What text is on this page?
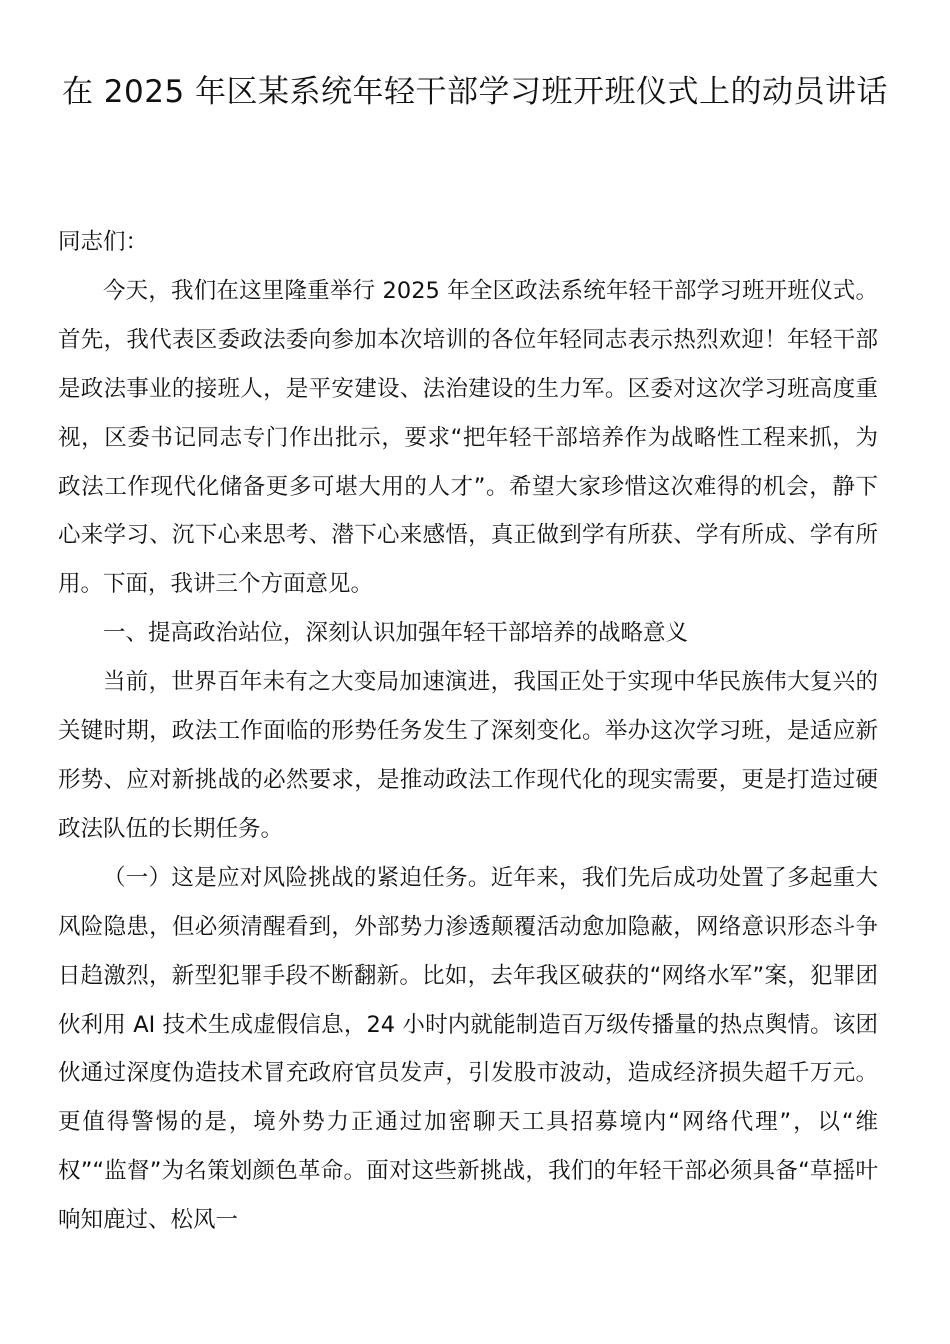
在 2025 年区某系统年轻干部学习班开班仪式上的动员讲话

同志们：

今天，我们在这里隆重举行 2025 年全区政法系统年轻干部学习班开班仪式。首先，我代表区委政法委向参加本次培训的各位年轻同志表示热烈欢迎！年轻干部是政法事业的接班人，是平安建设、法治建设的生力军。区委对这次学习班高度重视，区委书记同志专门作出批示，要求“把年轻干部培养作为战略性工程来抓，为政法工作现代化储备更多可堪大用的人才”。希望大家珍惜这次难得的机会，静下心来学习、沉下心来思考、潜下心来感悟，真正做到学有所获、学有所成、学有所用。下面，我讲三个方面意见。

一、提高政治站位，深刻认识加强年轻干部培养的战略意义

当前，世界百年未有之大变局加速演进，我国正处于实现中华民族伟大复兴的关键时期，政法工作面临的形势任务发生了深刻变化。举办这次学习班，是适应新形势、应对新挑战的必然要求，是推动政法工作现代化的现实需要，更是打造过硬政法队伍的长期任务。

（一）这是应对风险挑战的紧迫任务。近年来，我们先后成功处置了多起重大风险隐患，但必须清醒看到，外部势力渗透颠覆活动愈加隐蔽，网络意识形态斗争日趋激烈，新型犯罪手段不断翻新。比如，去年我区破获的“网络水军”案，犯罪团伙利用 AI 技术生成虚假信息，24 小时内就能制造百万级传播量的热点舆情。该团伙通过深度伪造技术冒充政府官员发声，引发股市波动，造成经济损失超千万元。更值得警惕的是，境外势力正通过加密聊天工具招募境内“网络代理”，以“维权”“监督”为名策划颜色革命。面对这些新挑战，我们的年轻干部必须具备“草摇叶响知鹿过、松风一
